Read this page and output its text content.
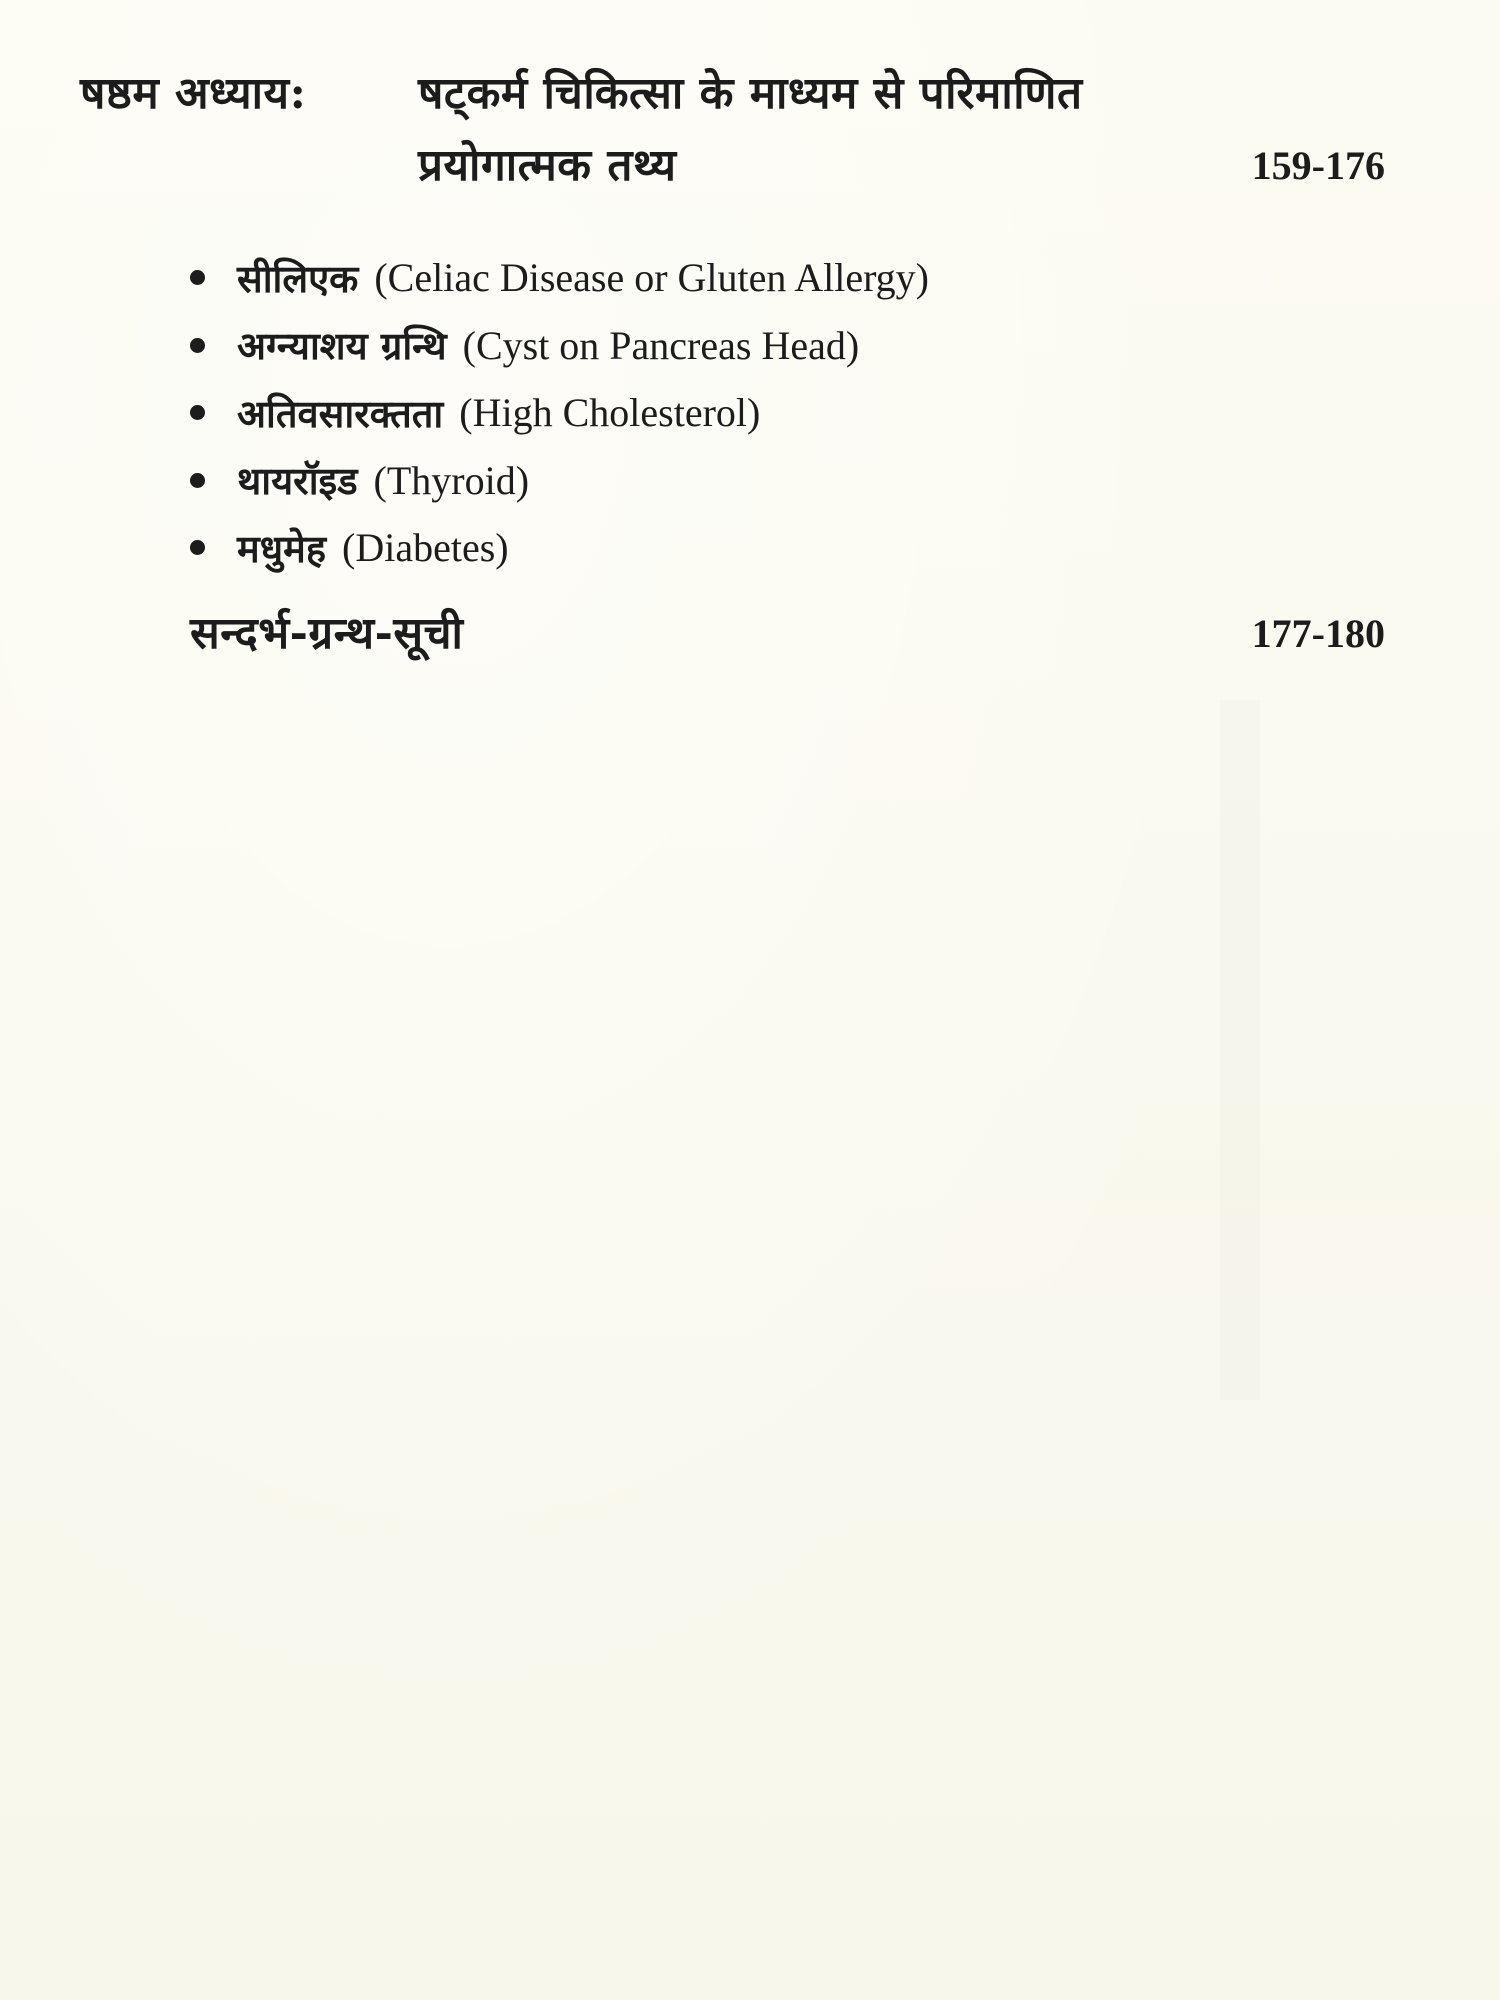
षष्ठम अध्याय:	षट्कर्म चिकित्सा के माध्यम से परिमाणित
प्रयोगात्मक तथ्य	159-176
सीलिएक (Celiac Disease or Gluten Allergy)
अग्न्याशय ग्रन्थि (Cyst on Pancreas Head)
अतिवसारक्तता (High Cholesterol)
थायरॉइड (Thyroid)
मधुमेह (Diabetes)
सन्दर्भ-ग्रन्थ-सूची	177-180
